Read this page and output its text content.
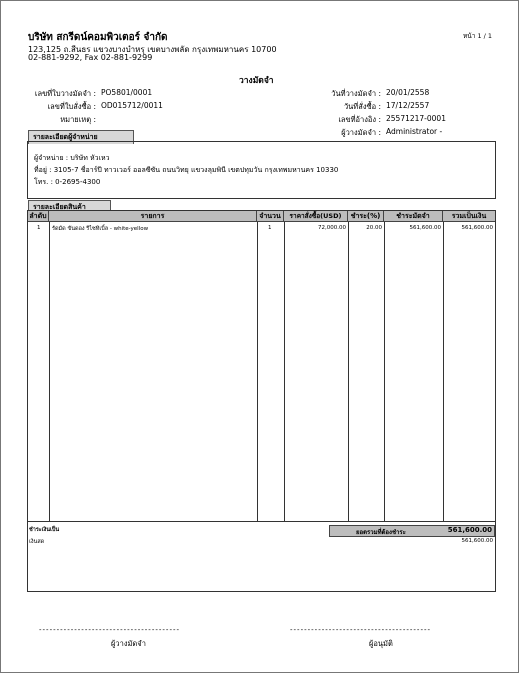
บริษัท สกรีดน์คอมพิวเตอร์ จำกัด
123,125 ถ.สีนธร แขวงบางบำหรุ เขตบางพลัด กรุงเทพมหานคร 10700
02-881-9292, Fax 02-881-9299
หน้า 1 / 1
วางมัดจำ
เลขที่ใบวางมัดจำ : PO5801/0001
เลขที่ใบสั่งซื้อ : OD015712/0011
หมายเหตุ :
วันที่วางมัดจำ : 20/01/2558
วันที่สั่งซื้อ : 17/12/2557
เลขที่อ้างอิง : 25571217-0001
ผู้วางมัดจำ : Administrator -
รายละเอียดผู้จำหน่าย
ผู้จำหน่าย : บริษัท หัวเหว
ที่อยู่ : 3105-7 ชื่อาร์ปี ทาวเวอร์ ออลซีซัน ถนนวิทยุ แขวงลุมพินี เขตปทุมวัน กรุงเทพมหานคร 10330
โทร. : 0-2695-4300
รายละเอียดสินค้า
ลำดับ	รายการ	จำนวน	ราคาสั่งซื้อ(USD)	ชำระ(%)	ชำระมัดจำ	รวมเป็นเงิน
1 รัดมัด ขันดอง รีไซทิเบิ้ล - white-yellow	1	72,000.00	20.00	561,600.00	561,600.00
ชำระเงินเป็น	ยอดรวมที่ต้องชำระ	561,600.00
เงินสด	561,600.00
----------------------------------------
ผู้วางมัดจำ
----------------------------------------
ผู้อนุมัติ
